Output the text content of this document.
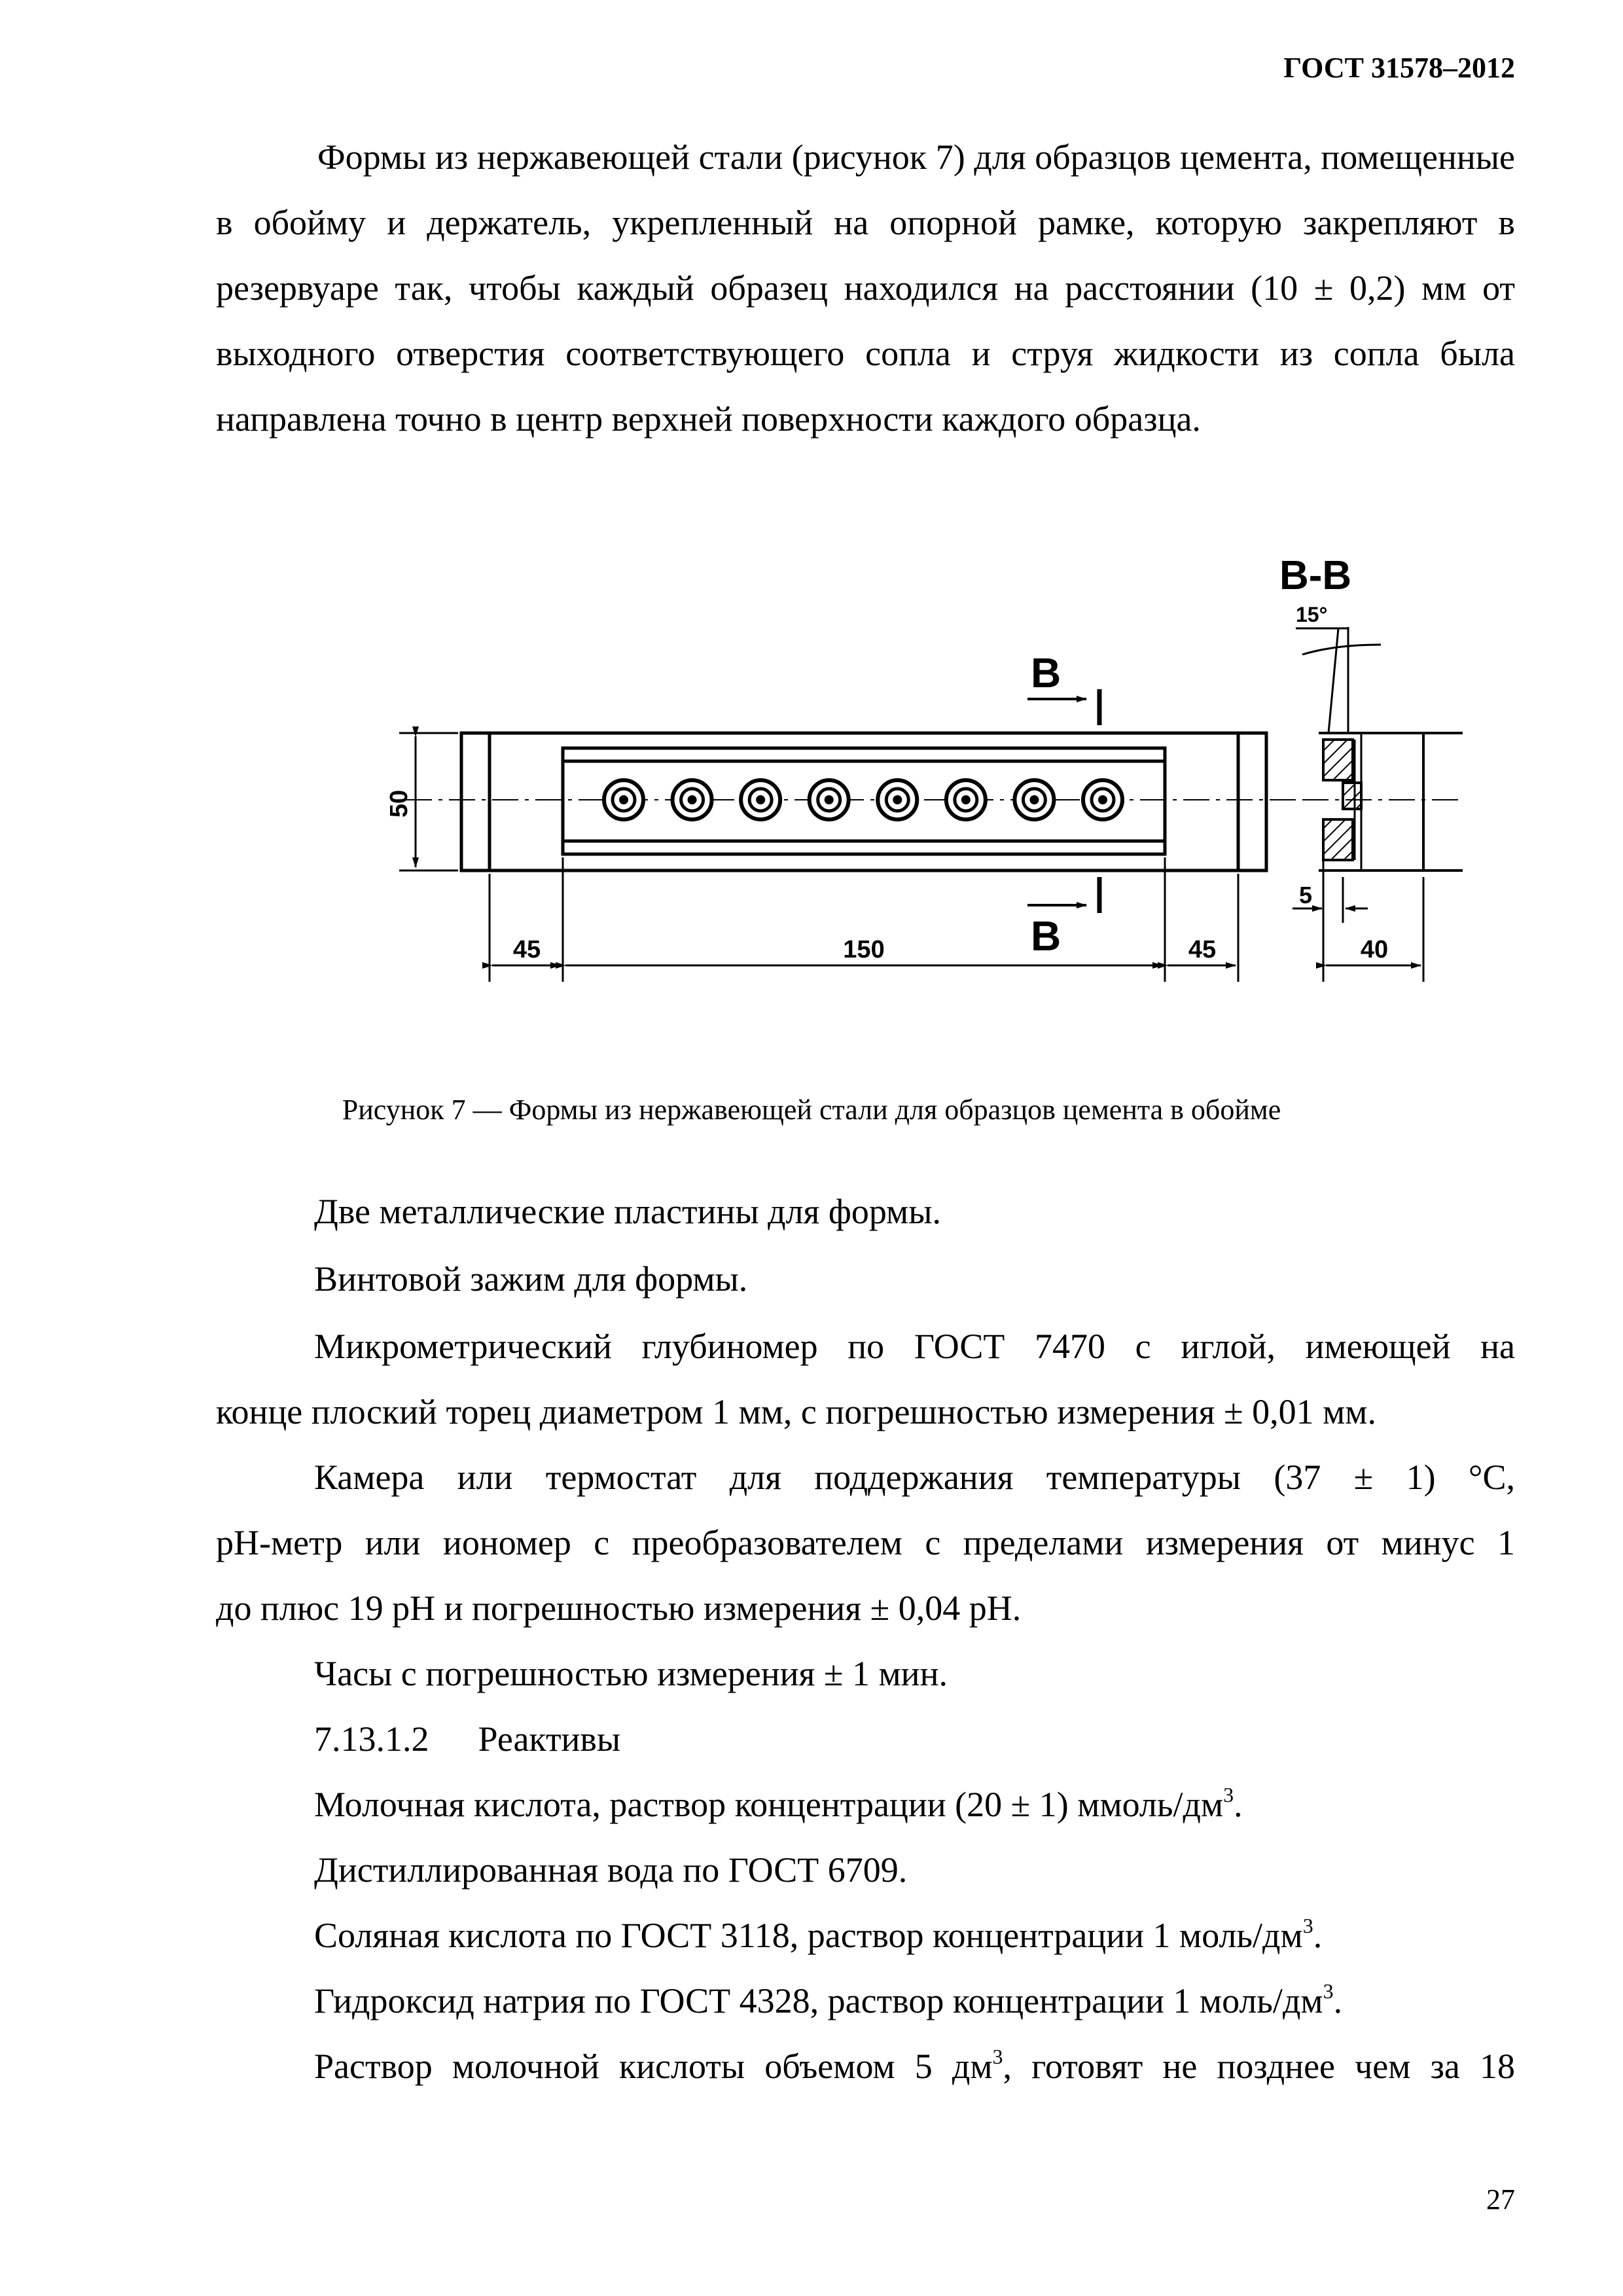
ГОСТ 31578–2012
Формы из нержавеющей стали (рисунок 7) для образцов цемента, помещенные в обойму и держатель, укрепленный на опорной рамке, которую закрепляют в резервуаре так, чтобы каждый образец находился на расстоянии (10 ± 0,2) мм от выходного отверстия соответствующего сопла и струя жидкости из сопла была направлена точно в центр верхней поверхности каждого образца.
50
45	150	45
B
B
B-B
15°
5
40
Рисунок 7 — Формы из нержавеющей стали для образцов цемента в обойме
Две металлические пластины для формы.
Винтовой зажим для формы.
Микрометрический глубиномер по ГОСТ 7470 с иглой, имеющей на
конце плоский торец диаметром 1 мм, с погрешностью измерения ± 0,01 мм.
Камера или термостат для поддержания температуры (37 ± 1) °С,
рН-метр или иономер с преобразователем с пределами измерения от минус 1
до плюс 19 рН и погрешностью измерения ± 0,04 рН.
Часы с погрешностью измерения ± 1 мин.
7.13.1.2 Реактивы
Молочная кислота, раствор концентрации (20 ± 1) ммоль/$дм^3$.
Дистиллированная вода по ГОСТ 6709.
Соляная кислота по ГОСТ 3118, раствор концентрации 1 моль/$дм^3$.
Гидроксид натрия по ГОСТ 4328, раствор концентрации 1 моль/$дм^3$.
Раствор молочной кислоты объемом 5 $дм^3$, готовят не позднее чем за 18
27
